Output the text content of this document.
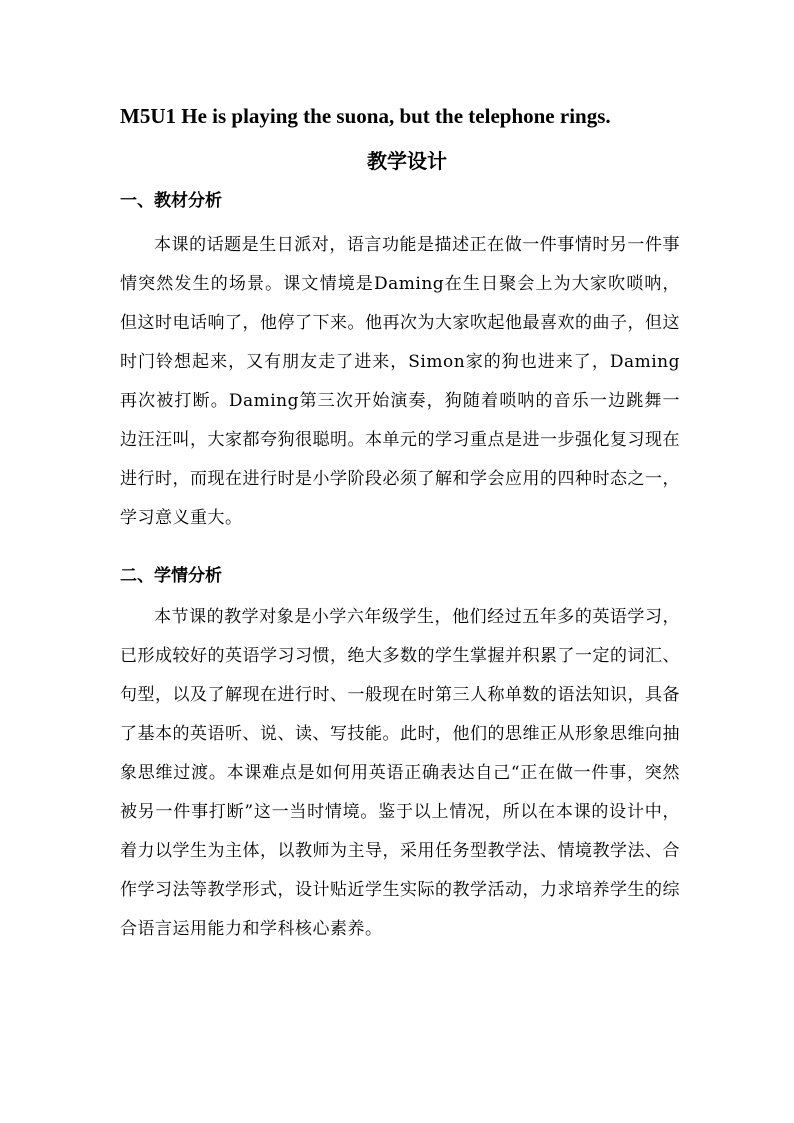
M5U1 He is playing the suona, but the telephone rings.
教学设计
一、教材分析
本课的话题是生日派对，语言功能是描述正在做一件事情时另一件事情突然发生的场景。课文情境是Daming在生日聚会上为大家吹唢呐，但这时电话响了，他停了下来。他再次为大家吹起他最喜欢的曲子，但这时门铃想起来，又有朋友走了进来，Simon家的狗也进来了，Daming再次被打断。Daming第三次开始演奏，狗随着唢呐的音乐一边跳舞一边汪汪叫，大家都夸狗很聪明。本单元的学习重点是进一步强化复习现在进行时，而现在进行时是小学阶段必须了解和学会应用的四种时态之一，学习意义重大。
二、学情分析
本节课的教学对象是小学六年级学生，他们经过五年多的英语学习，已形成较好的英语学习习惯，绝大多数的学生掌握并积累了一定的词汇、句型，以及了解现在进行时、一般现在时第三人称单数的语法知识，具备了基本的英语听、说、读、写技能。此时，他们的思维正从形象思维向抽象思维过渡。本课难点是如何用英语正确表达自己“正在做一件事，突然被另一件事打断”这一当时情境。鉴于以上情况，所以在本课的设计中，着力以学生为主体，以教师为主导，采用任务型教学法、情境教学法、合作学习法等教学形式，设计贴近学生实际的教学活动，力求培养学生的综合语言运用能力和学科核心素养。
